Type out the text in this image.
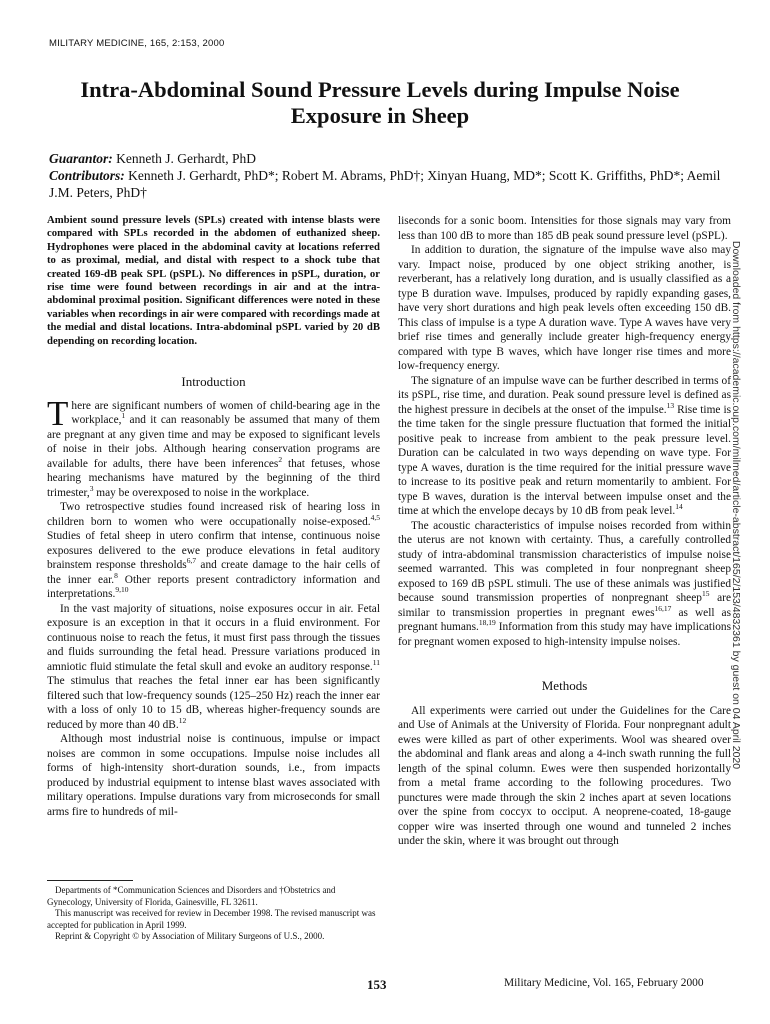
MILITARY MEDICINE, 165, 2:153, 2000
Intra-Abdominal Sound Pressure Levels during Impulse Noise
Exposure in Sheep
Guarantor: Kenneth J. Gerhardt, PhD
Contributors: Kenneth J. Gerhardt, PhD*; Robert M. Abrams, PhD†; Xinyan Huang, MD*; Scott K. Griffiths, PhD*; Aemil J.M. Peters, PhD†

Ambient sound pressure levels (SPLs) created with intense blasts were compared with SPLs recorded in the abdomen of euthanized sheep. Hydrophones were placed in the abdominal cavity at locations referred to as proximal, medial, and distal with respect to a shock tube that created 169-dB peak SPL (pSPL). No differences in pSPL, duration, or rise time were found between recordings in air and at the intra-abdominal proximal position. Significant differences were noted in these variables when recordings in air were compared with recordings made at the medial and distal locations. Intra-abdominal pSPL varied by 20 dB depending on recording location.

Introduction

There are significant numbers of women of child-bearing age in the workplace,$^1$ and it can reasonably be assumed that many of them are pregnant at any given time and may be exposed to significant levels of noise in their jobs. Although hearing conservation programs are available for adults, there have been inferences$^2$ that fetuses, whose hearing mechanisms have matured by the beginning of the third trimester,$^3$ may be overexposed to noise in the workplace.

Two retrospective studies found increased risk of hearing loss in children born to women who were occupationally noise-exposed.$^{4,5}$ Studies of fetal sheep in utero confirm that intense, continuous noise exposures delivered to the ewe produce elevations in fetal auditory brainstem response thresholds$^{6,7}$ and create damage to the hair cells of the inner ear.$^8$ Other reports present contradictory information and interpretations.$^{9,10}$

In the vast majority of situations, noise exposures occur in air. Fetal exposure is an exception in that it occurs in a fluid environment. For continuous noise to reach the fetus, it must first pass through the tissues and fluids surrounding the fetal head. Pressure variations produced in amniotic fluid stimulate the fetal skull and evoke an auditory response.$^{11}$ The stimulus that reaches the fetal inner ear has been significantly filtered such that low-frequency sounds (125–250 Hz) reach the inner ear with a loss of only 10 to 15 dB, whereas higher-frequency sounds are reduced by more than 40 dB.$^{12}$

Although most industrial noise is continuous, impulse or impact noises are common in some occupations. Impulse noise includes all forms of high-intensity short-duration sounds, i.e., from impacts produced by industrial equipment to intense blast waves associated with military operations. Impulse durations vary from microseconds for small arms fire to hundreds of mil-

Departments of *Communication Sciences and Disorders and †Obstetrics and Gynecology, University of Florida, Gainesville, FL 32611.

This manuscript was received for review in December 1998. The revised manuscript was accepted for publication in April 1999.

Reprint & Copyright © by Association of Military Surgeons of U.S., 2000.

liseconds for a sonic boom. Intensities for those signals may vary from less than 100 dB to more than 185 dB peak sound pressure level (pSPL).

In addition to duration, the signature of the impulse wave also may vary. Impact noise, produced by one object striking another, is reverberant, has a relatively long duration, and is usually classified as a type B duration wave. Impulses, produced by rapidly expanding gases, have very short durations and high peak levels often exceeding 150 dB. This class of impulse is a type A duration wave. Type A waves have very brief rise times and generally include greater high-frequency energy compared with type B waves, which have longer rise times and more low-frequency energy.

The signature of an impulse wave can be further described in terms of its pSPL, rise time, and duration. Peak sound pressure level is defined as the highest pressure in decibels at the onset of the impulse.$^{13}$ Rise time is the time taken for the single pressure fluctuation that formed the initial positive peak to increase from ambient to the peak pressure level. Duration can be calculated in two ways depending on wave type. For type A waves, duration is the time required for the initial pressure wave to increase to its positive peak and return momentarily to ambient. For type B waves, duration is the interval between impulse onset and the time at which the envelope decays by 10 dB from peak level.$^{14}$

The acoustic characteristics of impulse noises recorded from within the uterus are not known with certainty. Thus, a carefully controlled study of intra-abdominal transmission characteristics of impulse noise seemed warranted. This was completed in four nonpregnant sheep exposed to 169 dB pSPL stimuli. The use of these animals was justified because sound transmission properties of nonpregnant sheep$^{15}$ are similar to transmission properties in pregnant ewes$^{16,17}$ as well as pregnant humans.$^{18,19}$ Information from this study may have implications for pregnant women exposed to high-intensity impulse noises.

Methods

All experiments were carried out under the Guidelines for the Care and Use of Animals at the University of Florida. Four nonpregnant adult ewes were killed as part of other experiments. Wool was sheared over the abdominal and flank areas and along a 4-inch swath running the full length of the spinal column. Ewes were then suspended horizontally from a metal frame according to the following procedures. Two punctures were made through the skin 2 inches apart at seven locations over the spine from coccyx to occiput. A neoprene-coated, 18-gauge copper wire was inserted through one wound and tunneled 2 inches under the skin, where it was brought out through

Downloaded from https://academic.oup.com/milmed/article-abstract/165/2/153/4832361 by guest on 04 April 2020
153	Military Medicine, Vol. 165, February 2000
